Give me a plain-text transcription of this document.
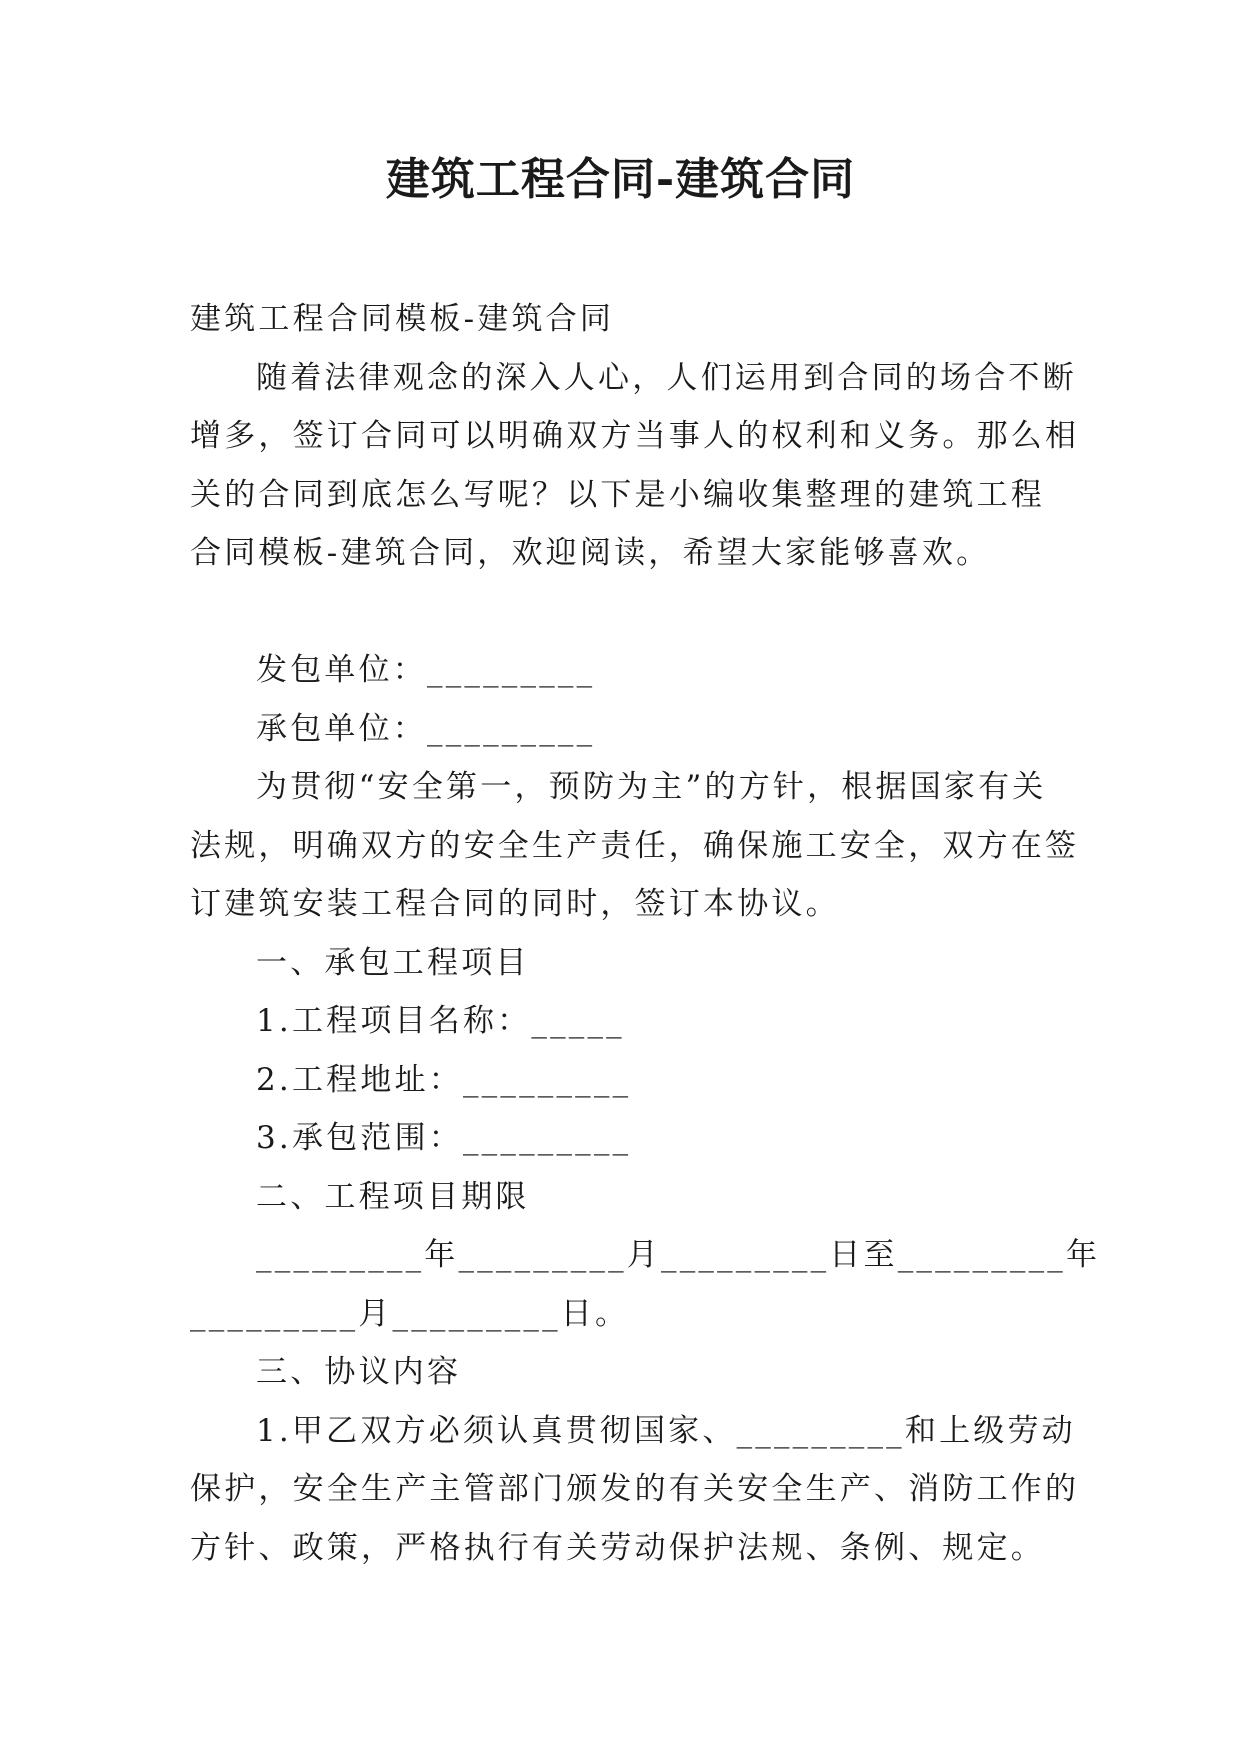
建筑工程合同-建筑合同

建筑工程合同模板-建筑合同

随着法律观念的深入人心，人们运用到合同的场合不断

增多，签订合同可以明确双方当事人的权利和义务。那么相

关的合同到底怎么写呢？以下是小编收集整理的建筑工程

合同模板-建筑合同，欢迎阅读，希望大家能够喜欢。

发包单位：_________

承包单位：_________

为贯彻“安全第一，预防为主”的方针，根据国家有关

法规，明确双方的安全生产责任，确保施工安全，双方在签

订建筑安装工程合同的同时，签订本协议。

一、承包工程项目

1.工程项目名称：_____

2.工程地址：_________

3.承包范围：_________

二、工程项目期限

_________年_________月_________日至_________年

_________月_________日。

三、协议内容

1.甲乙双方必须认真贯彻国家、_________和上级劳动

保护，安全生产主管部门颁发的有关安全生产、消防工作的

方针、政策，严格执行有关劳动保护法规、条例、规定。
